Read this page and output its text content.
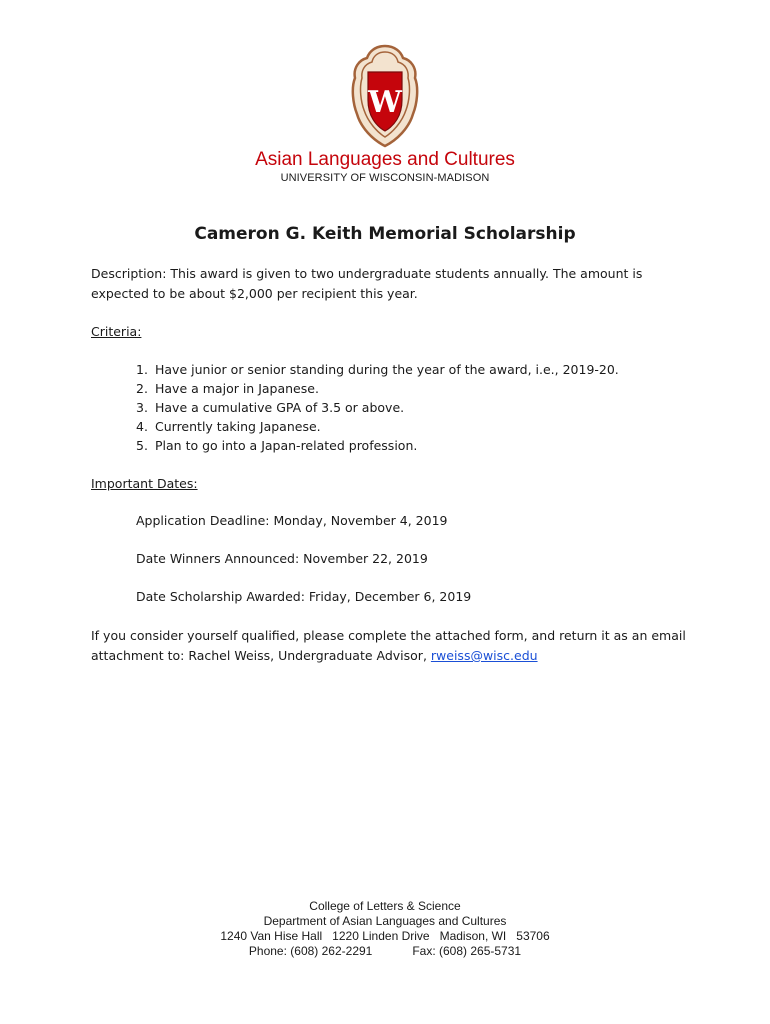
W
Asian Languages and Cultures
UNIVERSITY OF WISCONSIN-MADISON
Cameron G. Keith Memorial Scholarship
Description: This award is given to two undergraduate students annually. The amount is
expected to be about $2,000 per recipient this year.
Criteria:
1. Have junior or senior standing during the year of the award, i.e., 2019-20.
2. Have a major in Japanese.
3. Have a cumulative GPA of 3.5 or above.
4. Currently taking Japanese.
5. Plan to go into a Japan-related profession.
Important Dates:
Application Deadline: Monday, November 4, 2019
Date Winners Announced: November 22, 2019
Date Scholarship Awarded: Friday, December 6, 2019
If you consider yourself qualified, please complete the attached form, and return it as an email
attachment to: Rachel Weiss, Undergraduate Advisor, rweiss@wisc.edu
College of Letters & Science
Department of Asian Languages and Cultures
1240 Van Hise Hall   1220 Linden Drive   Madison, WI   53706
Phone: (608) 262-2291            Fax: (608) 265-5731
